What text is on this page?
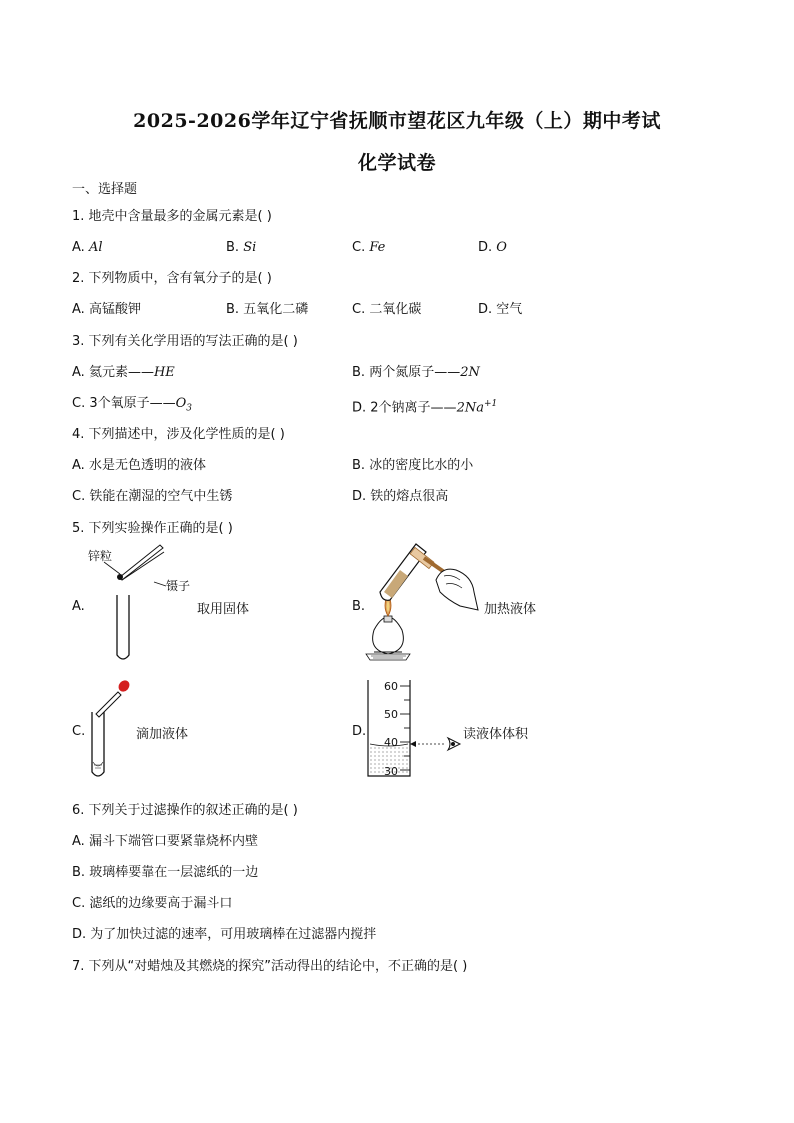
2025-2026学年辽宁省抚顺市望花区九年级（上）期中考试
化学试卷
一、选择题
1. 地壳中含量最多的金属元素是( )
A. Al	B. Si	C. Fe	D. O
2. 下列物质中，含有氧分子的是( )
A. 高锰酸钾	B. 五氧化二磷	C. 二氧化碳	D. 空气
3. 下列有关化学用语的写法正确的是( )
A. 氦元素——HE	B. 两个氮原子——2N
C. 3个氧原子$——O_3$	D. 2个钠离子$——2Na^{+1}$
4. 下列描述中，涉及化学性质的是( )
A. 水是无色透明的液体	B. 冰的密度比水的小
C. 铁能在潮湿的空气中生锈	D. 铁的熔点很高
5. 下列实验操作正确的是( )
A.
锌粒
镊子
取用固体	B.	加热液体
C.	滴加液体	D.
60
50
40
30
读液体体积
6. 下列关于过滤操作的叙述正确的是( )
A. 漏斗下端管口要紧靠烧杯内壁
B. 玻璃棒要靠在一层滤纸的一边
C. 滤纸的边缘要高于漏斗口
D. 为了加快过滤的速率，可用玻璃棒在过滤器内搅拌
7. 下列从“对蜡烛及其燃烧的探究”活动得出的结论中，不正确的是( )
